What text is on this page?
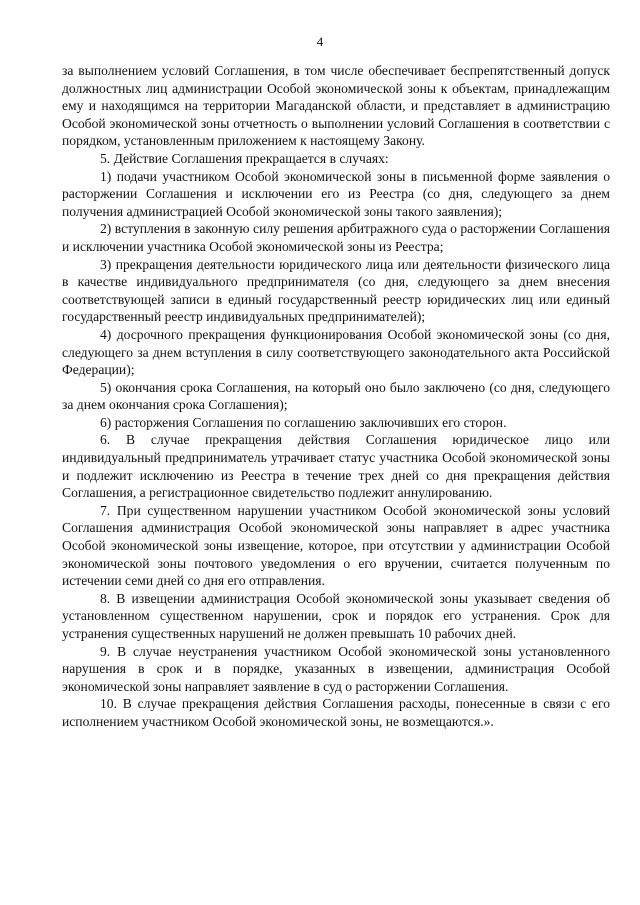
4

за выполнением условий Соглашения, в том числе обеспечивает беспрепятственный допуск должностных лиц администрации Особой экономической зоны к объектам, принадлежащим ему и находящимся на территории Магаданской области, и представляет в администрацию Особой экономической зоны отчетность о выполнении условий Соглашения в соответствии с порядком, установленным приложением к настоящему Закону.

5. Действие Соглашения прекращается в случаях:

1) подачи участником Особой экономической зоны в письменной форме заявления о расторжении Соглашения и исключении его из Реестра (со дня, следующего за днем получения администрацией Особой экономической зоны такого заявления);

2) вступления в законную силу решения арбитражного суда о расторжении Соглашения и исключении участника Особой экономической зоны из Реестра;

3) прекращения деятельности юридического лица или деятельности физического лица в качестве индивидуального предпринимателя (со дня, следующего за днем внесения соответствующей записи в единый государственный реестр юридических лиц или единый государственный реестр индивидуальных предпринимателей);

4) досрочного прекращения функционирования Особой экономической зоны (со дня, следующего за днем вступления в силу соответствующего законодательного акта Российской Федерации);

5) окончания срока Соглашения, на который оно было заключено (со дня, следующего за днем окончания срока Соглашения);

6) расторжения Соглашения по соглашению заключивших его сторон.

6. В случае прекращения действия Соглашения юридическое лицо или индивидуальный предприниматель утрачивает статус участника Особой экономической зоны и подлежит исключению из Реестра в течение трех дней со дня прекращения действия Соглашения, а регистрационное свидетельство подлежит аннулированию.

7. При существенном нарушении участником Особой экономической зоны условий Соглашения администрация Особой экономической зоны направляет в адрес участника Особой экономической зоны извещение, которое, при отсутствии у администрации Особой экономической зоны почтового уведомления о его вручении, считается полученным по истечении семи дней со дня его отправления.

8. В извещении администрация Особой экономической зоны указывает сведения об установленном существенном нарушении, срок и порядок его устранения. Срок для устранения существенных нарушений не должен превышать 10 рабочих дней.

9. В случае неустранения участником Особой экономической зоны установленного нарушения в срок и в порядке, указанных в извещении, администрация Особой экономической зоны направляет заявление в суд о расторжении Соглашения.

10. В случае прекращения действия Соглашения расходы, понесенные в связи с его исполнением участником Особой экономической зоны, не возмещаются.».
